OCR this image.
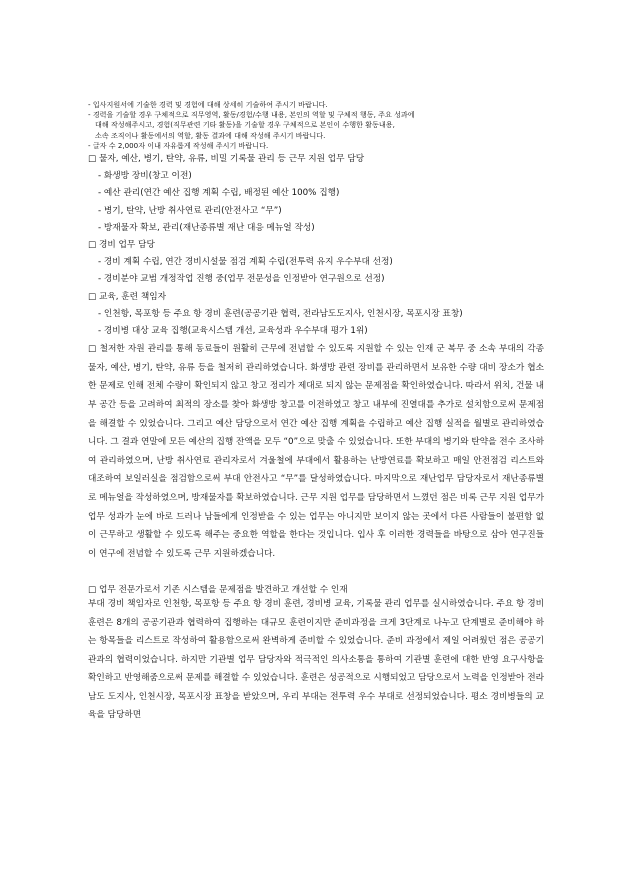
- 입사지원서에 기술한 경력 및 경험에 대해 상세히 기술하여 주시기 바랍니다.
- 경력을 기술할 경우 구체적으로 직무영역, 활동/경험/수행 내용, 본인의 역할 및 구체적 행동, 주요 성과에
대해 작성해주시고, 경험(직무관련 기타 활동)을 기술할 경우 구체적으로 본인이 수행한 활동내용,
소속 조직이나 활동에서의 역할, 활동 결과에 대해 작성해 주시기 바랍니다.
- 글자 수 2,000자 이내 자유롭게 작성해 주시기 바랍니다.
□ 물자, 예산, 병기, 탄약, 유류, 비밀 기록물 관리 등 근무 지원 업무 담당
- 화생방 장비(창고 이전)
- 예산 관리(연간 예산 집행 계획 수립, 배정된 예산 100% 집행)
- 병기, 탄약, 난방 취사연료 관리(안전사고 “무”)
- 방재물자 확보, 관리(재난종류별 재난 대응 메뉴얼 작성)
□ 경비 업무 담당
- 경비 계획 수립, 연간 경비시설물 점검 계획 수립(전투력 유지 우수부대 선정)
- 경비분야 교범 개정작업 진행 중(업무 전문성을 인정받아 연구원으로 선정)
□ 교육, 훈련 책임자
- 인천항, 목포항 등 주요 항 경비 훈련(공공기관 협력, 전라남도도지사, 인천시장, 목포시장 표창)
- 경비병 대상 교육 집행(교육시스템 개선, 교육성과 우수부대 평가 1위)
□ 철저한 자원 관리를 통해 동료들이 원활히 근무에 전념할 수 있도록 지원할 수 있는 인재 군 복무 중 소속 부대의 각종 물자, 예산, 병기, 탄약, 유류 등을 철저히 관리하였습니다. 화생방 관련 장비를 관리하면서 보유한 수량 대비 장소가 협소한 문제로 인해 전체 수량이 확인되지 않고 창고 정리가 제대로 되지 않는 문제점을 확인하였습니다. 따라서 위치, 건물 내부 공간 등을 고려하여 최적의 장소를 찾아 화생방 창고를 이전하였고 창고 내부에 진열대를 추가로 설치함으로써 문제점을 해결할 수 있었습니다. 그리고 예산 담당으로서 연간 예산 집행 계획을 수립하고 예산 집행 실적을 월별로 관리하였습니다. 그 결과 연말에 모든 예산의 집행 잔액을 모두 “0”으로 맞출 수 있었습니다. 또한 부대의 병기와 탄약을 전수 조사하여 관리하였으며, 난방 취사연료 관리자로서 겨울철에 부대에서 활용하는 난방연료를 확보하고 매일 안전점검 리스트와 대조하여 보일러실을 점검함으로써 부대 안전사고 “무”를 달성하였습니다. 마지막으로 재난업무 담당자로서 재난종류별로 메뉴얼을 작성하였으며, 방재물자를 확보하였습니다. 근무 지원 업무를 담당하면서 느꼈던 점은 비록 근무 지원 업무가 업무 성과가 눈에 바로 드러나 남들에게 인정받을 수 있는 업무는 아니지만 보이지 않는 곳에서 다른 사람들이 불편함 없이 근무하고 생활할 수 있도록 해주는 중요한 역할을 한다는 것입니다. 입사 후 이러한 경력들을 바탕으로 삼아 연구진들이 연구에 전념할 수 있도록 근무 지원하겠습니다.
□ 업무 전문가로서 기존 시스템을 문제점을 발견하고 개선할 수 인재
부대 경비 책임자로 인천항, 목포항 등 주요 항 경비 훈련, 경비병 교육, 기록물 관리 업무를 실시하였습니다. 주요 항 경비 훈련은 8개의 공공기관과 협력하여 집행하는 대규모 훈련이지만 준비과정을 크게 3단계로 나누고 단계별로 준비해야 하는 항목들을 리스트로 작성하여 활용함으로써 완벽하게 준비할 수 있었습니다. 준비 과정에서 제일 어려웠던 점은 공공기관과의 협력이었습니다. 하지만 기관별 업무 담당자와 적극적인 의사소통을 통하여 기관별 훈련에 대한 반영 요구사항을 확인하고 반영해줌으로써 문제를 해결할 수 있었습니다. 훈련은 성공적으로 시행되었고 담당으로서 노력을 인정받아 전라남도 도지사, 인천시장, 목포시장 표창을 받았으며, 우리 부대는 전투력 우수 부대로 선정되었습니다. 평소 경비병들의 교육을 담당하면
